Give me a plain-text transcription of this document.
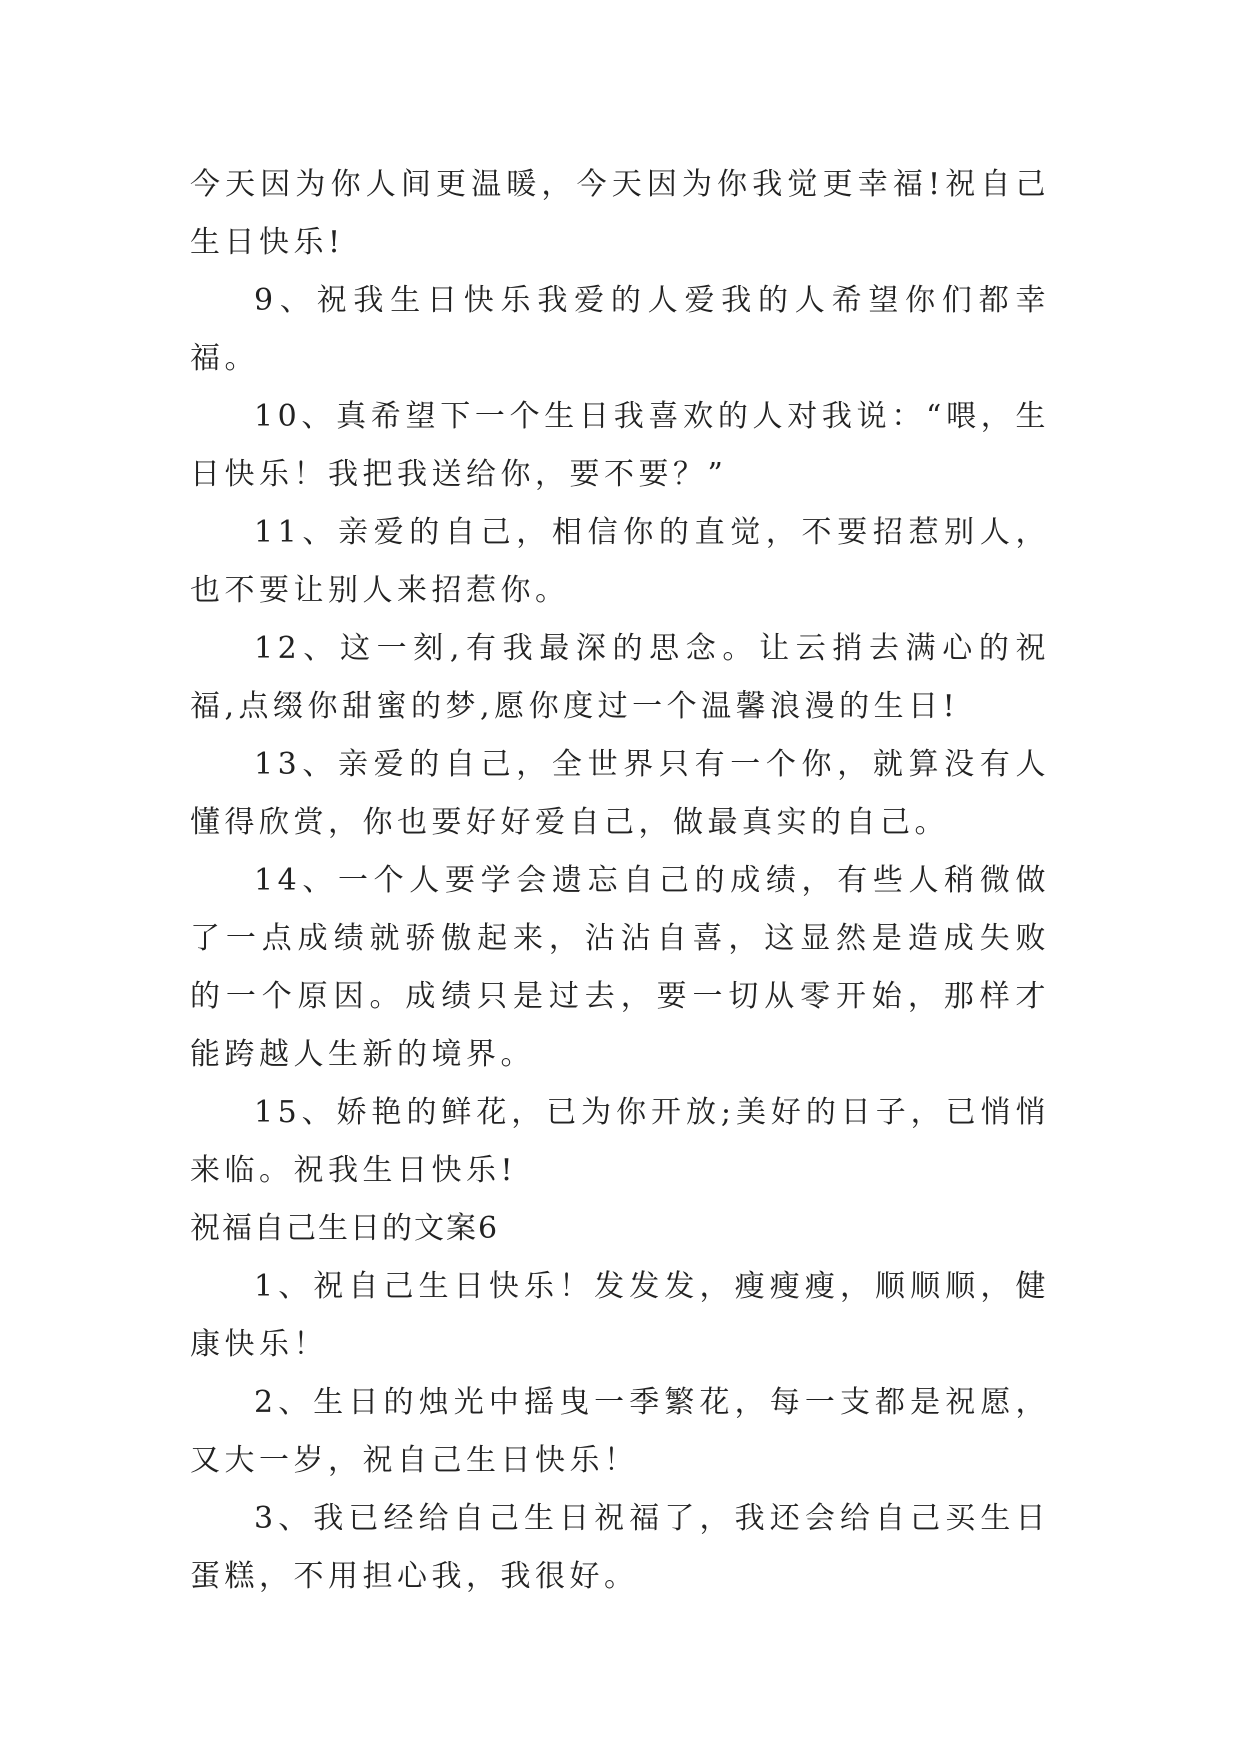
今天因为你人间更温暖，今天因为你我觉更幸福!祝自己生日快乐!

9、祝我生日快乐我爱的人爱我的人希望你们都幸福。

10、真希望下一个生日我喜欢的人对我说：“喂，生日快乐！我把我送给你，要不要？”

11、亲爱的自己，相信你的直觉，不要招惹别人，也不要让别人来招惹你。

12、这一刻,有我最深的思念。让云捎去满心的祝福,点缀你甜蜜的梦,愿你度过一个温馨浪漫的生日!

13、亲爱的自己，全世界只有一个你，就算没有人懂得欣赏，你也要好好爱自己，做最真实的自己。

14、一个人要学会遗忘自己的成绩，有些人稍微做了一点成绩就骄傲起来，沾沾自喜，这显然是造成失败的一个原因。成绩只是过去，要一切从零开始，那样才能跨越人生新的境界。

15、娇艳的鲜花，已为你开放;美好的日子，已悄悄来临。祝我生日快乐!

祝福自己生日的文案6

1、祝自己生日快乐！发发发，瘦瘦瘦，顺顺顺，健康快乐！

2、生日的烛光中摇曳一季繁花，每一支都是祝愿，又大一岁，祝自己生日快乐！

3、我已经给自己生日祝福了，我还会给自己买生日蛋糕，不用担心我，我很好。
